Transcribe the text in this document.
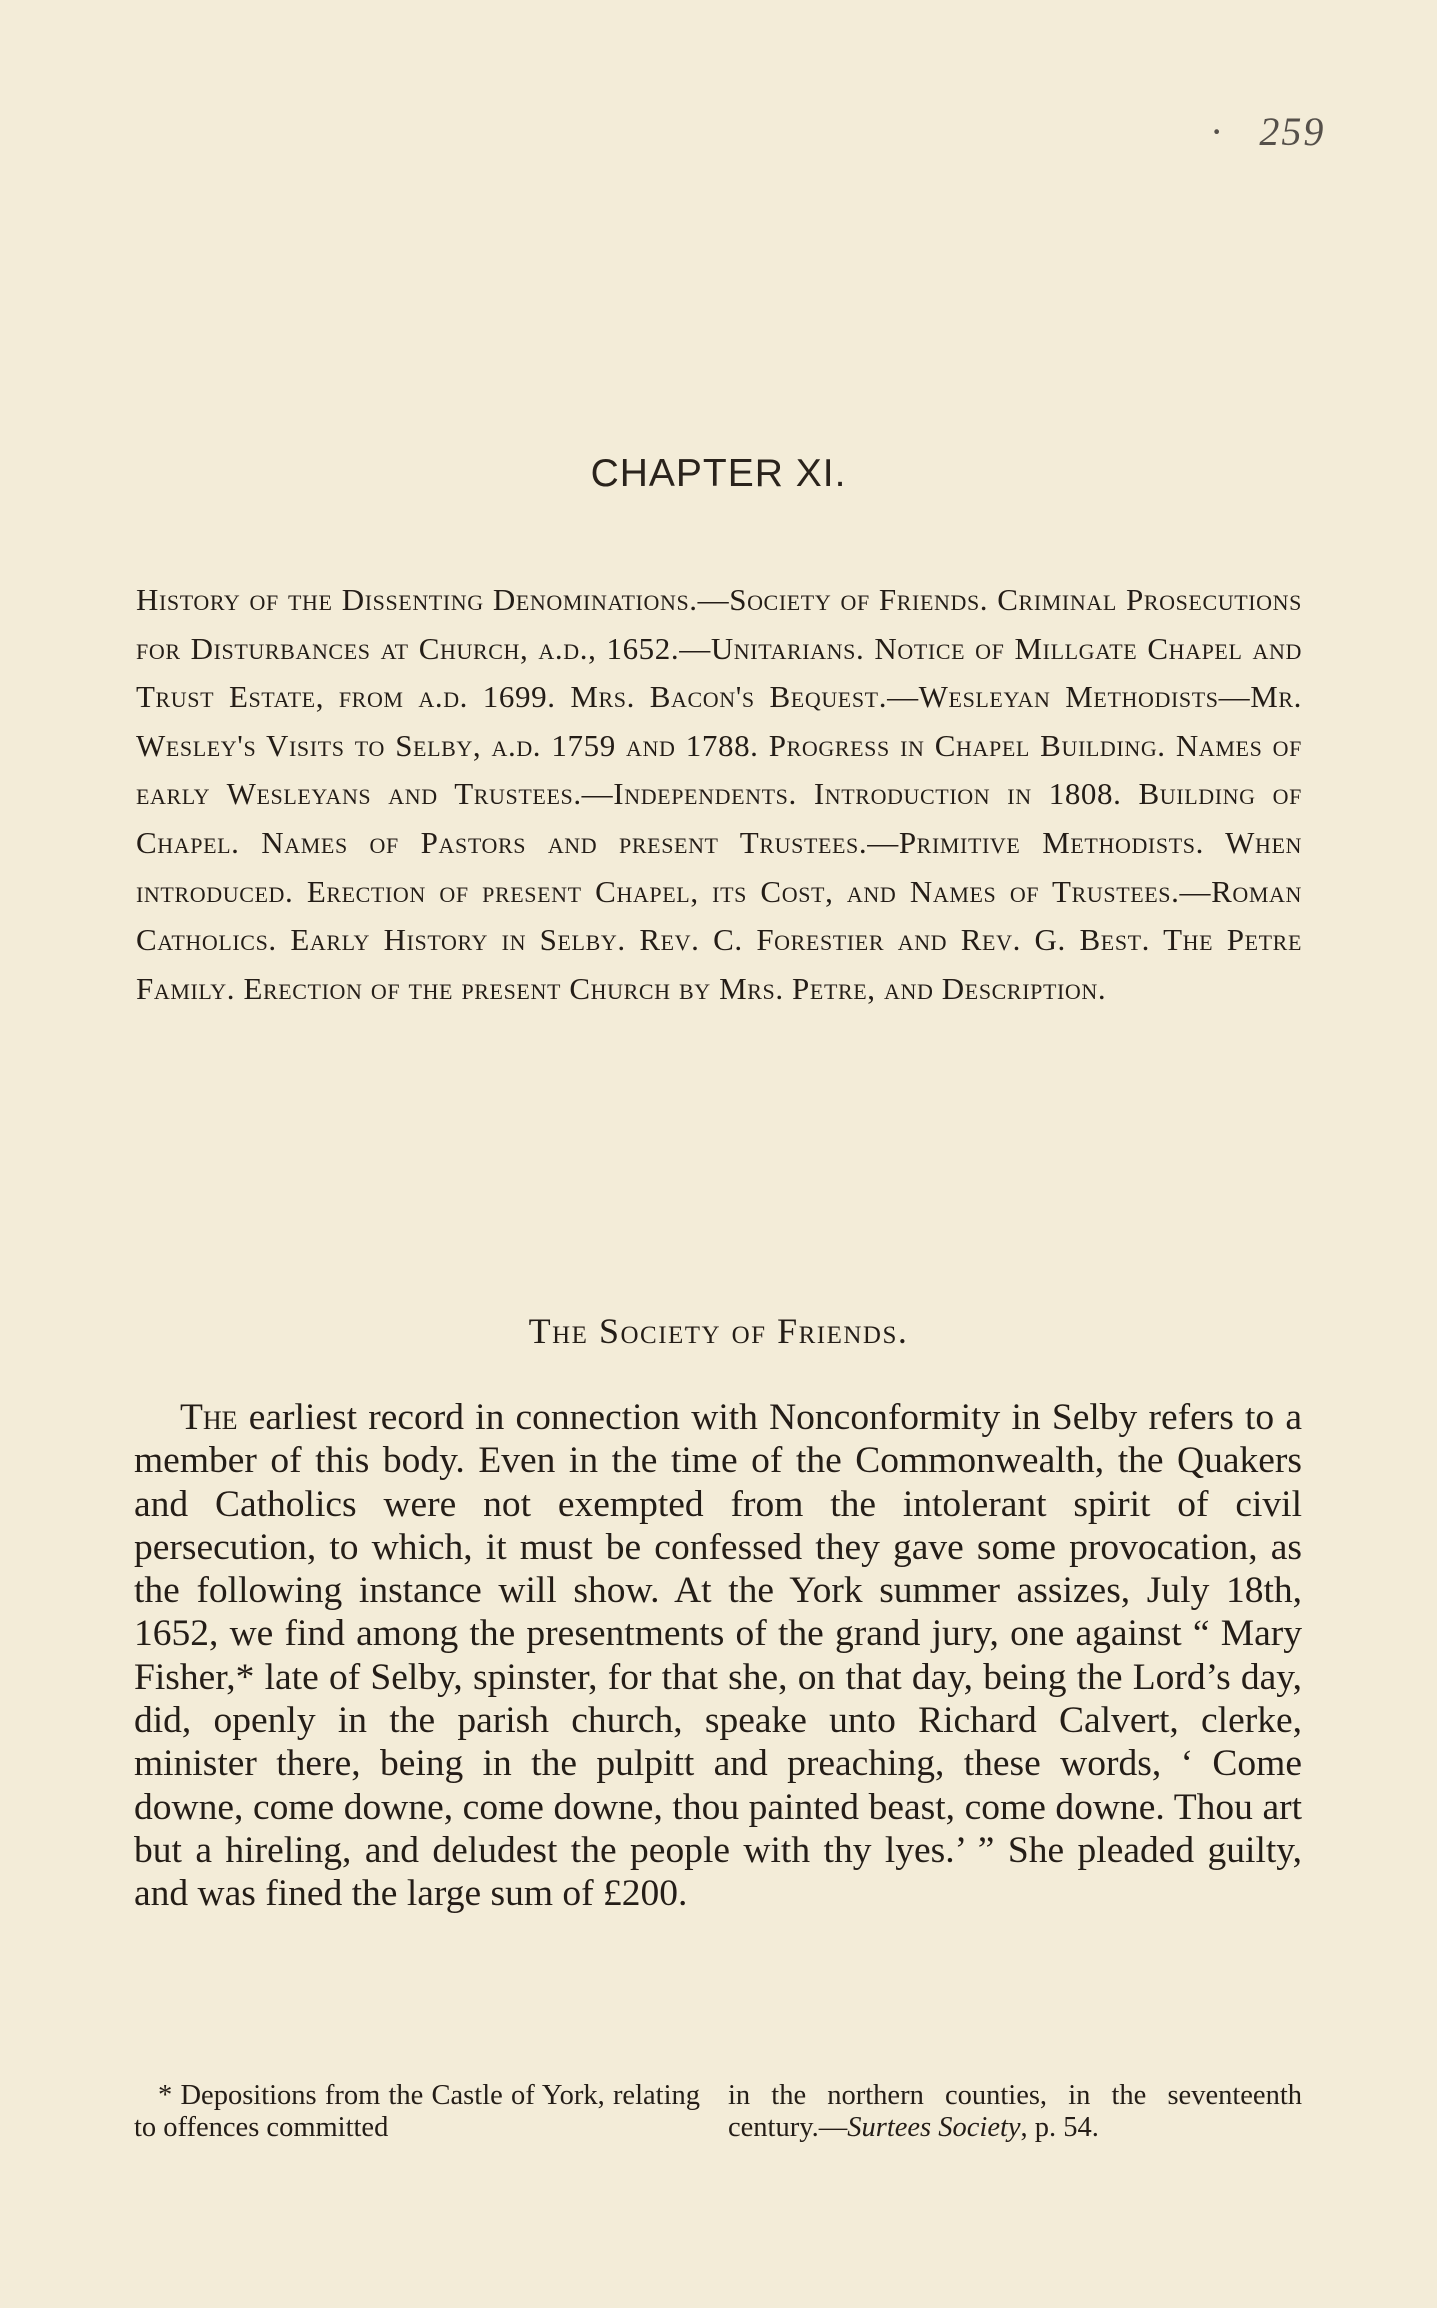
· 259
CHAPTER XI.
History of the Dissenting Denominations.—Society of Friends. Criminal Prosecutions for Disturbances at Church, a.d., 1652.—Unitarians. Notice of Millgate Chapel and Trust Estate, from a.d. 1699. Mrs. Bacon's Bequest.—Wesleyan Methodists—Mr. Wesley's Visits to Selby, a.d. 1759 and 1788. Progress in Chapel Building. Names of early Wesleyans and Trustees.—Independents. Introduction in 1808. Building of Chapel. Names of Pastors and present Trustees.—Primitive Methodists. When introduced. Erection of present Chapel, its Cost, and Names of Trustees.—Roman Catholics. Early History in Selby. Rev. C. Forestier and Rev. G. Best. The Petre Family. Erection of the present Church by Mrs. Petre, and Description.
The Society of Friends.

The earliest record in connection with Nonconformity in Selby refers to a member of this body. Even in the time of the Commonwealth, the Quakers and Catholics were not exempted from the intolerant spirit of civil persecution, to which, it must be confessed they gave some provocation, as the following instance will show. At the York summer assizes, July 18th, 1652, we find among the presentments of the grand jury, one against “ Mary Fisher,* late of Selby, spinster, for that she, on that day, being the Lord’s day, did, openly in the parish church, speake unto Richard Calvert, clerke, minister there, being in the pulpitt and preaching, these words, ‘ Come downe, come downe, come downe, thou painted beast, come downe. Thou art but a hireling, and deludest the people with thy lyes.’ ” She pleaded guilty, and was fined the large sum of £200.

* Depositions from the Castle of York, relating to offences committed
in the northern counties, in the seventeenth century.—Surtees Society, p. 54.
